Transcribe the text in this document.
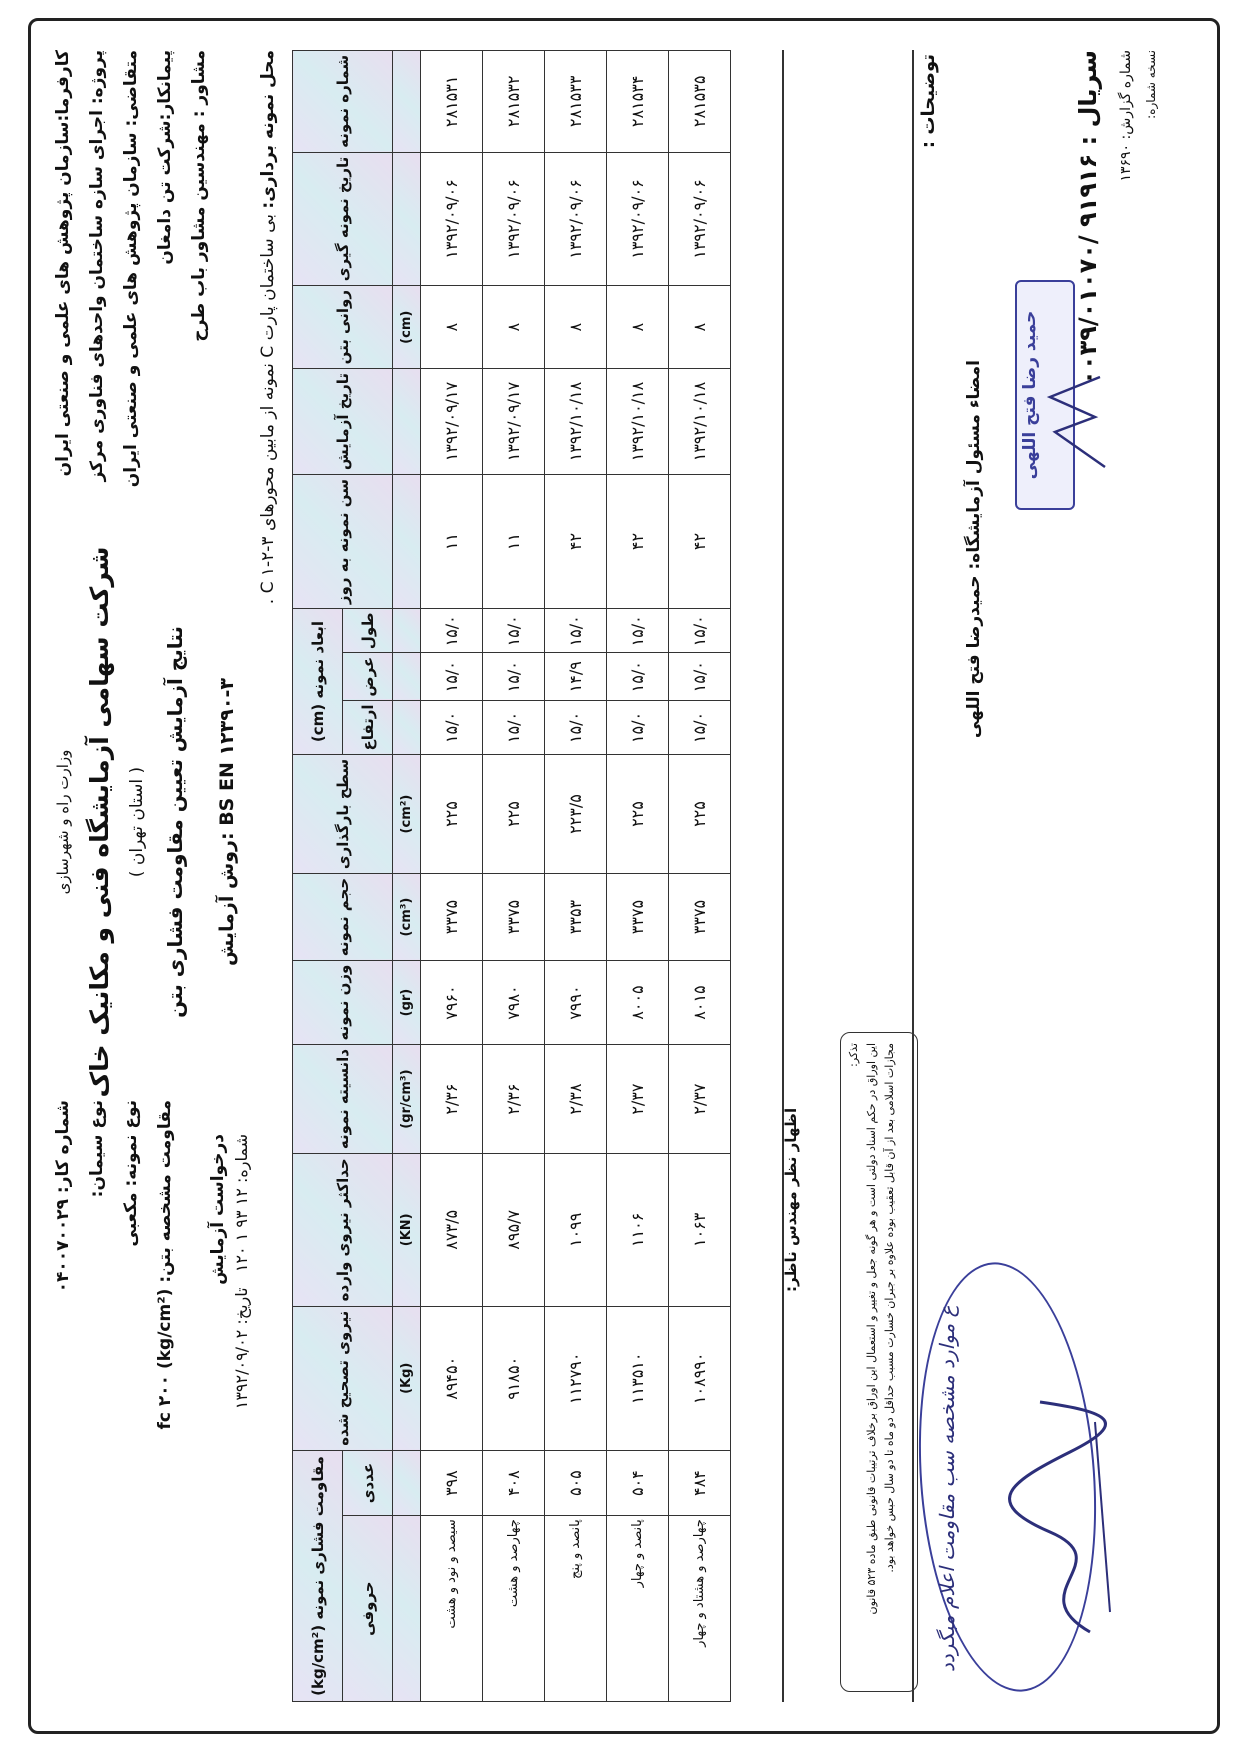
کارفرما:سازمان پژوهش های علمی و صنعتی ایران پروژه: اجرای سازه ساختمان واحدهای فناوری مرکز متقاضی: سازمان پژوهش های علمی و صنعتی ایران پیمانکار:شرکت تن دامغان مشاور : مهندسین مشاور باب طرح
وزارت راه و شهرسازی شرکت سهامی آزمایشگاه فنی و مکانیک خاک ( استان تهران ) نتایج آزمایش تعیین مقاومت فشاری بتن	روش آزمایش: BS EN ۱۲۳۹۰-۳
شماره کار: ۰۴۰۰۷۰۰۲۹ نوع سیمان: نوع نمونه: مکعبی
مقاومت مشخصه بتن: (kg/cm²) fc ۲۰۰	درخواست آزمایش شماره: ۱۲ ۹۳ ۱ ۱۲۰   تاریخ: ۱۳۹۲/۰۹/۰۲
محل نمونه برداری: بی ساختمان پارت C نمونه از مابین محورهای ۳-۲-۱ C .
شماره نمونه	تاریخ نمونه گیری	روانی بتن	تاریخ آزمایش	سن نمونه به روز	ابعاد نمونه (cm)			سطح بارگذاری	حجم نمونه	وزن نمونه	دانسیته نمونه	حداکثر نیروی وارده	نیروی تصحیح شده	مقاومت فشاری نمونه (kg/cm²)	
					طول	عرض	ارتفاع							عددی	حروفی
		(cm)						(cm²)	(cm³)	(gr)	(gr/cm³)	(KN)	(Kg)		
۲۸۱۵۳۱	۱۳۹۲/۰۹/۰۶	۸	۱۳۹۲/۰۹/۱۷	۱۱	۱۵/۰	۱۵/۰	۱۵/۰	۲۲۵	۳۳۷۵	۷۹۶۰	۲/۳۶	۸۷۳/۵	۸۹۴۵۰	۳۹۸	سیصد و نود و هشت
۲۸۱۵۳۲	۱۳۹۲/۰۹/۰۶	۸	۱۳۹۲/۰۹/۱۷	۱۱	۱۵/۰	۱۵/۰	۱۵/۰	۲۲۵	۳۳۷۵	۷۹۸۰	۲/۳۶	۸۹۵/۷	۹۱۸۵۰	۴۰۸	چهارصد و هشت
۲۸۱۵۳۳	۱۳۹۲/۰۹/۰۶	۸	۱۳۹۲/۱۰/۱۸	۴۲	۱۵/۰	۱۴/۹	۱۵/۰	۲۲۳/۵	۳۳۵۳	۷۹۹۰	۲/۳۸	۱۰۹۹	۱۱۲۷۹۰	۵۰۵	پانصد و پنج
۲۸۱۵۳۴	۱۳۹۲/۰۹/۰۶	۸	۱۳۹۲/۱۰/۱۸	۴۲	۱۵/۰	۱۵/۰	۱۵/۰	۲۲۵	۳۳۷۵	۸۰۰۵	۲/۳۷	۱۱۰۶	۱۱۳۵۱۰	۵۰۴	پانصد و چهار
۲۸۱۵۳۵	۱۳۹۲/۰۹/۰۶	۸	۱۳۹۲/۱۰/۱۸	۴۲	۱۵/۰	۱۵/۰	۱۵/۰	۲۲۵	۳۳۷۵	۸۰۱۵	۲/۳۷	۱۰۶۳	۱۰۸۹۹۰	۴۸۴	چهارصد و هشتاد و چهار
اظهار نظر مهندس ناظر:
تذکر:
این اوراق در حکم اسناد دولتی است و هر گونه جعل و تغییر و استعمال این اوراق برخلاف ترتیبات قانونی طبق ماده ۵۲۳ قانون مجازات اسلامی بعد از آن قابل تعقیب بوده علاوه بر جبران خسارت مسبب حداقل دو ماه تا دو سال حبس خواهد بود.
توضیحات :
ع موارد مشخصه سب مقاومت اعلام میگردد
امضاء مسئول آزمایشگاه: حمیدرضا فتح اللهی حمید رضا فتح اللهی
سریال : ۹۱۹۱۶ /۰۰۳۹/۰۱۰۷۰ شماره گزارش: ۱۳۶۹۰ نسخه شماره:
